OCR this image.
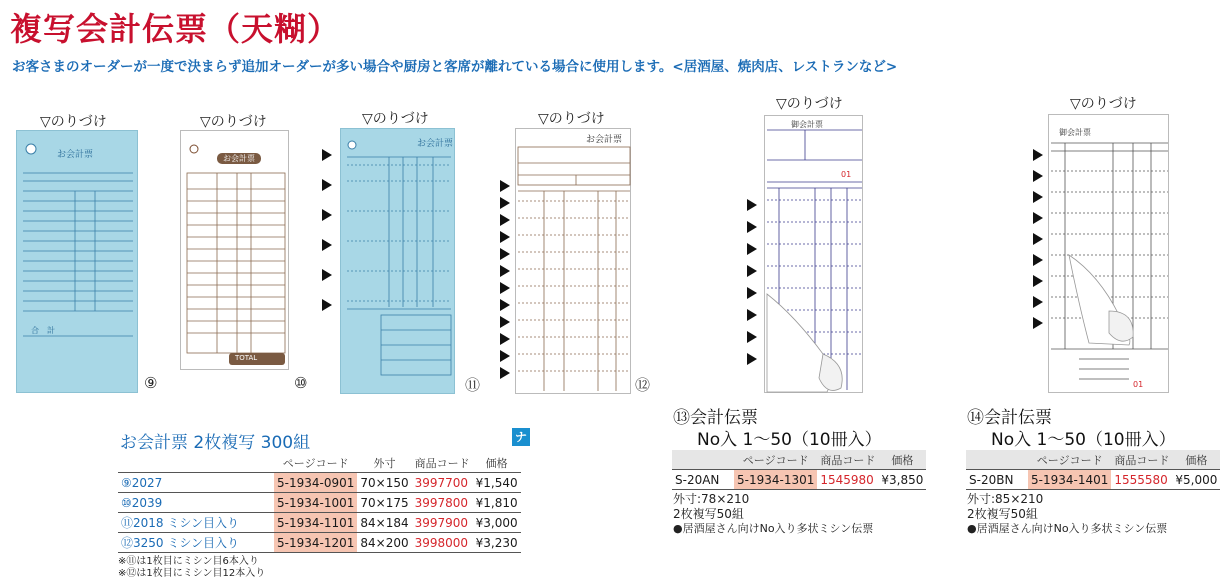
複写会計伝票（天糊）
お客さまのオーダーが一度で決まらず追加オーダーが多い場合や厨房と客席が離れている場合に使用します。<居酒屋、焼肉店、レストランなど>
▽のりづけ	▽のりづけ	▽のりづけ	▽のりづけ
▽のりづけ	▽のりづけ
お会計票
合　計
⑨
お会計票
TOTAL
⑩
お会計票
⑪
お会計票
⑫
御会計票
01
御会計票
01
お会計票 2枚複写 300組	ナ
	ページコード	外寸	商品コード	価格
⑨2027	5-1934-0901	70×150	3997700	¥1,540
⑩2039	5-1934-1001	70×175	3997800	¥1,810
⑪2018 ミシン目入り	5-1934-1101	84×184	3997900	¥3,000
⑫3250 ミシン目入り	5-1934-1201	84×200	3998000	¥3,230
※⑪は1枚目にミシン目6本入り
※⑫は1枚目にミシン目12本入り
⑬会計伝票
No入 1〜50（10冊入）
	ページコード	商品コード	価格
S-20AN	5-1934-1301	1545980	¥3,850
外寸:78×210
2枚複写50組
●居酒屋さん向けNo入り多状ミシン伝票
⑭会計伝票
No入 1〜50（10冊入）
	ページコード	商品コード	価格
S-20BN	5-1934-1401	1555580	¥5,000
外寸:85×210
2枚複写50組
●居酒屋さん向けNo入り多状ミシン伝票
